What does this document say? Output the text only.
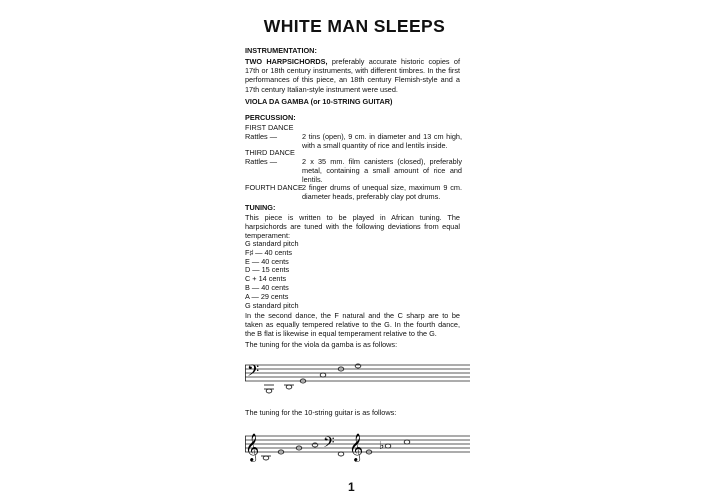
WHITE MAN SLEEPS
INSTRUMENTATION:
TWO HARPSICHORDS, preferably accurate historic copies of 17th or 18th century instruments, with different timbres. In the first performances of this piece, an 18th century Flemish-style and a 17th century Italian-style instrument were used.
VIOLA DA GAMBA (or 10-STRING GUITAR)
PERCUSSION:
FIRST DANCE
Rattles —	2 tins (open), 9 cm. in diameter and 13 cm high, with a small quantity of rice and lentils inside.
THIRD DANCE
Rattles —	2 x 35 mm. film canisters (closed), preferably metal, containing a small amount of rice and lentils.
FOURTH DANCE 2 finger drums of unequal size, maximum 9 cm. diameter heads, preferably clay pot drums.
TUNING:
This piece is written to be played in African tuning. The harpsichords are tuned with the following deviations from equal temperament:
G standard pitch
F♯ — 40 cents
E — 40 cents
D — 15 cents
C + 14 cents
B — 40 cents
A — 29 cents
G standard pitch
In the second dance, the F natural and the C sharp are to be taken as equally tempered relative to the G. In the fourth dance, the B flat is likewise in equal temperament relative to the G.
The tuning for the viola da gamba is as follows:
𝄢
The tuning for the 10-string guitar is as follows:
𝄞	𝄢 𝄞 ♭
1
